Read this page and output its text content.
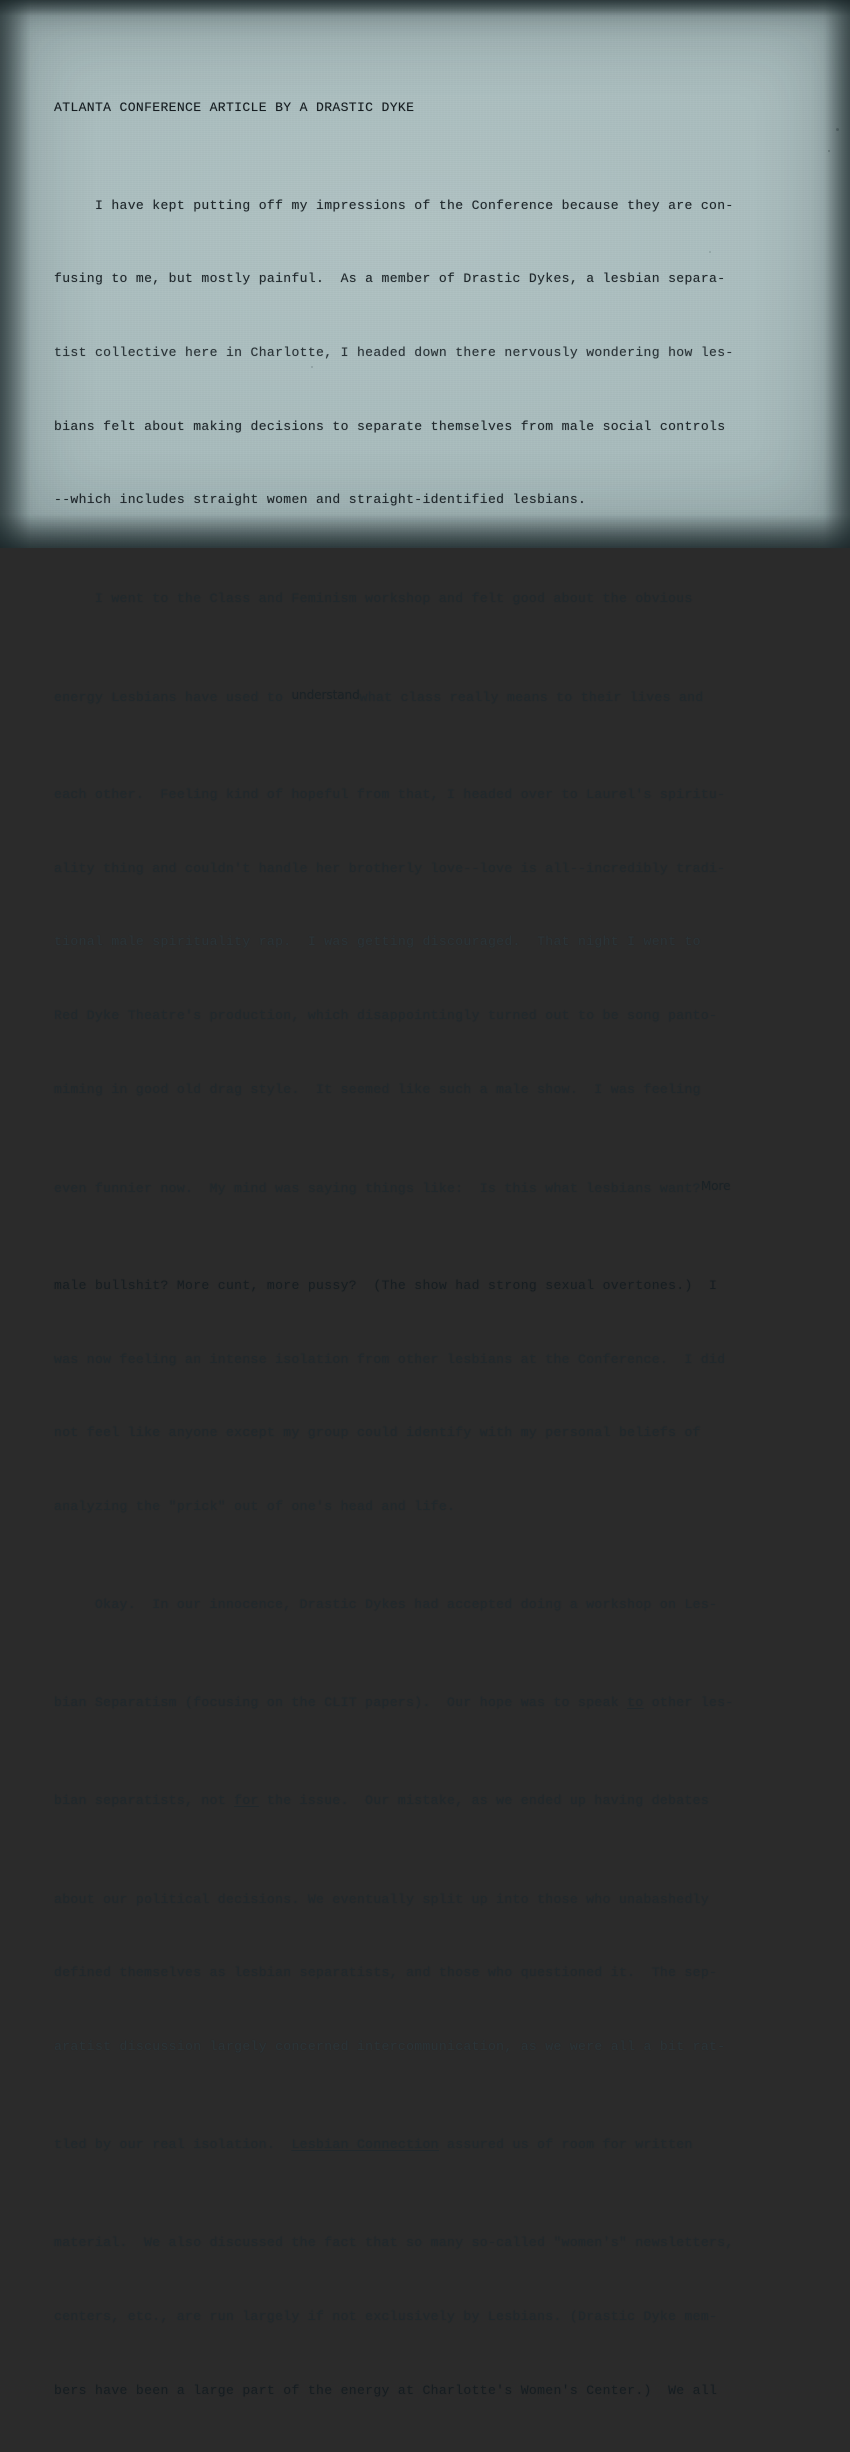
ATLANTA CONFERENCE ARTICLE BY A DRASTIC DYKE

I have kept putting off my impressions of the Conference because they are con-

fusing to me, but mostly painful.  As a member of Drastic Dykes, a lesbian separa-

tist collective here in Charlotte, I headed down there nervously wondering how les-

bians felt about making decisions to separate themselves from male social controls

--which includes straight women and straight-identified lesbians.

I went to the Class and Feminism workshop and felt good about the obvious

energy Lesbians have used to understandwhat class really means to their lives and

each other.  Feeling kind of hopeful from that, I headed over to Laurel's spiritu-

ality thing and couldn't handle her brotherly love--love is all--incredibly tradi-

tional male spirituality rap.  I was getting discouraged.  That night I went to

Red Dyke Theatre's production, which disappointingly turned out to be song panto-

miming in good old drag style.  It seemed like such a male show.  I was feeling

even funnier now.  My mind was saying things like:  Is this what lesbians want?More

male bullshit? More cunt, more pussy?  (The show had strong sexual overtones.)  I

was now feeling an intense isolation from other lesbians at the Conference.  I did

not feel like anyone except my group could identify with my personal beliefs of

analyzing the "prick" out of one's head and life.

Okay.  In our innocence, Drastic Dykes had accepted doing a workshop on Les-

bian Separatism (focusing on the CLIT papers).  Our hope was to speak to other les-

bian separatists, not for the issue.  Our mistake, as we ended up having debates

about our political decisions. We eventually split up into those who unabashedly

defined themselves as lesbian separatists, and those who questioned it.  The sep-

aratist discussion largely concerned intercommunication, as we were all a bit rat-

tled by our real isolation.  Lesbian Connection assured us of room for written

material.  We also discussed the fact that so many so-called "women's" newsletters,

centers, etc., are run largely if not exclusively by Lesbians. (Drastic Dyke mem-

bers have been a large part of the energy at Charlotte's Women's Center.)  We all
